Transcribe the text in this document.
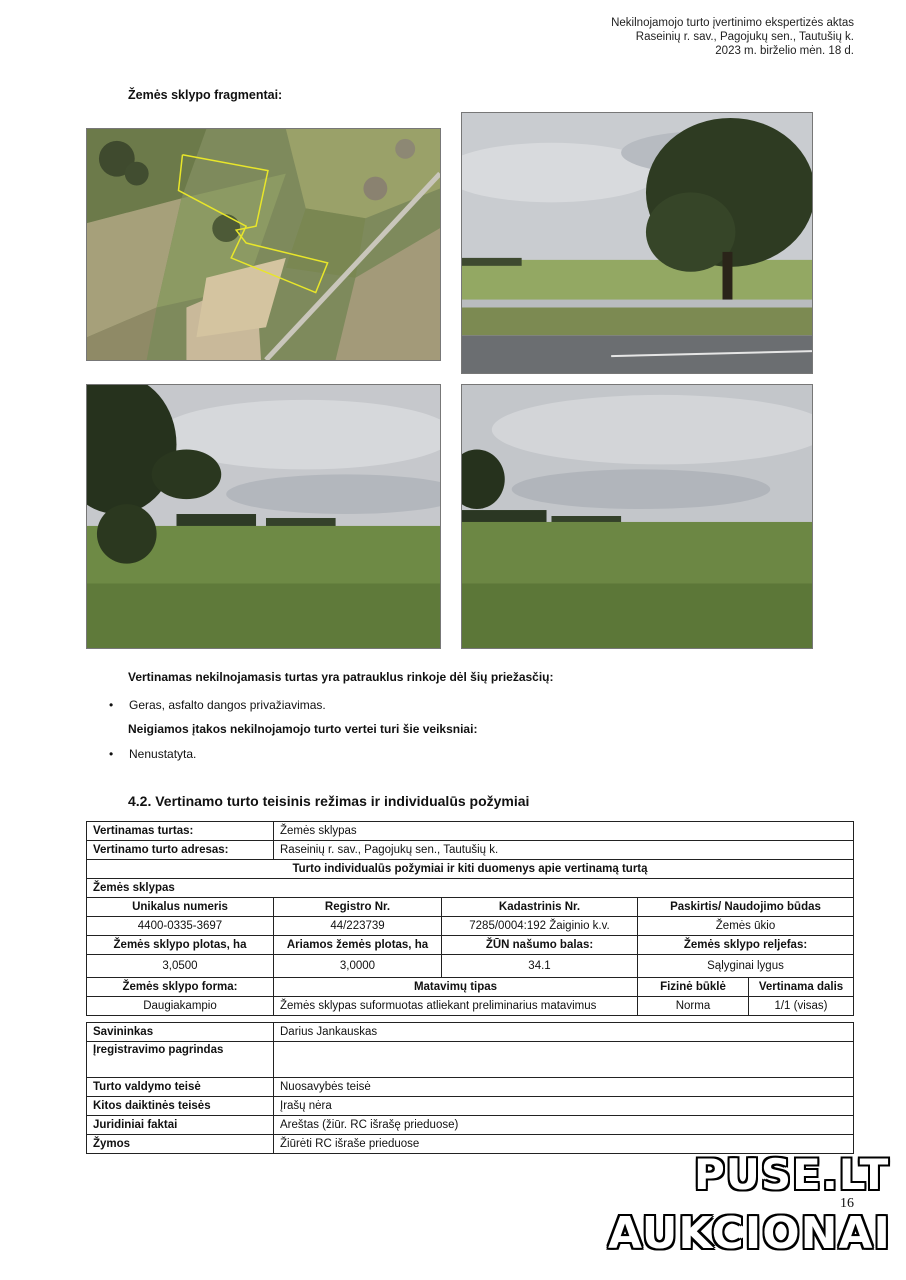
Nekilnojamojo turto įvertinimo ekspertizės aktas
Raseinių r. sav., Pagojukų sen., Tautušių k.
2023 m. birželio mėn. 18 d.
Žemės sklypo fragmentai:
Vertinamas nekilnojamasis turtas yra patrauklus rinkoje dėl šių priežasčių:
• Geras, asfalto dangos privažiavimas.
Neigiamos įtakos nekilnojamojo turto vertei turi šie veiksniai:
• Nenustatyta.
4.2. Vertinamo turto teisinis režimas ir individualūs požymiai
Vertinamas turtas:	Žemės sklypas			
Vertinamo turto adresas:	Raseinių r. sav., Pagojukų sen., Tautušių k.			
Turto individualūs požymiai ir kiti duomenys apie vertinamą turtą				
Žemės sklypas				
Unikalus numeris	Registro Nr.	Kadastrinis Nr.	Paskirtis/ Naudojimo būdas	
4400-0335-3697	44/223739	7285/0004:192 Žaiginio k.v.	Žemės ūkio	
Žemės sklypo plotas, ha	Ariamos žemės plotas, ha	ŽŪN našumo balas:	Žemės sklypo reljefas:	
3,0500	3,0000	34.1	Sąlyginai lygus	
Žemės sklypo forma:	Matavimų tipas		Fizinė būklė	Vertinama dalis
Daugiakampio	Žemės sklypas suformuotas atliekant preliminarius matavimus		Norma	1/1 (visas)

Savininkas	Darius Jankauskas			
Įregistravimo pagrindas				
Turto valdymo teisė	Nuosavybės teisė			
Kitos daiktinės teisės	Įrašų nėra			
Juridiniai faktai	Areštas (žiūr. RC išrašę prieduose)			
Žymos	Žiūrėti RC išraše prieduose			
16
PUSE.LT
AUKCIONAI
